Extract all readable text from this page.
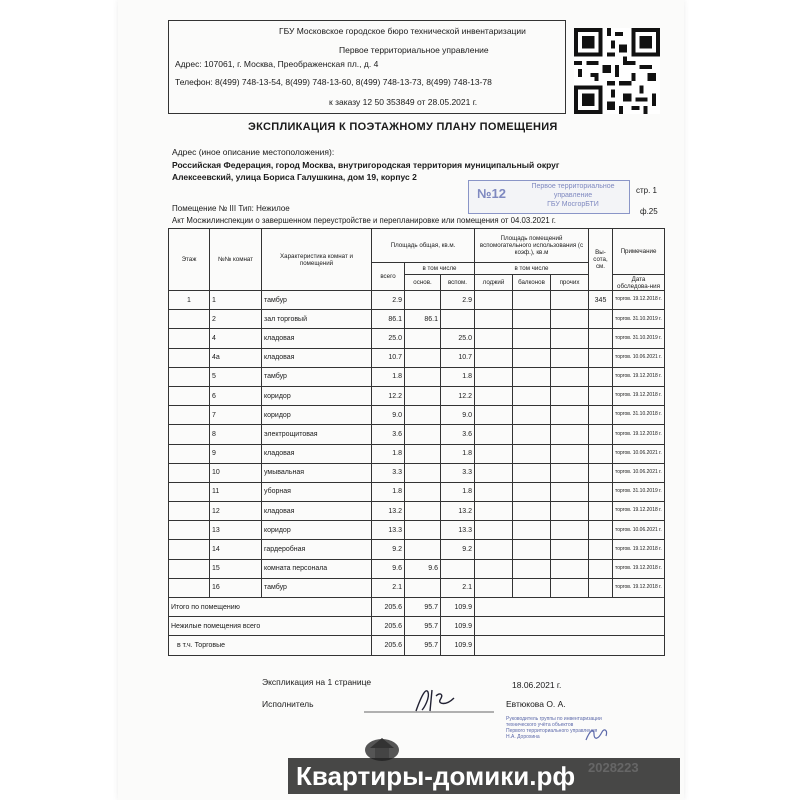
ГБУ Московское городское бюро технической инвентаризации
Первое территориальное управление
Адрес: 107061, г. Москва, Преображенская пл., д. 4
Телефон: 8(499) 748-13-54, 8(499) 748-13-60, 8(499) 748-13-73, 8(499) 748-13-78
к заказу 12 50 353849 от 28.05.2021 г.
ЭКСПЛИКАЦИЯ К ПОЭТАЖНОМУ ПЛАНУ ПОМЕЩЕНИЯ
Адрес (иное описание местоположения):
Российская Федерация, город Москва, внутригородская территория муниципальный округ
Алексеевский, улица Бориса Галушкина, дом 19, корпус 2
№12	Первое территориальное
управление
ГБУ МосгорБТИ
стр. 1
Помещение № III Тип: Нежилое	ф.25
Акт Мосжилинспекции о завершенном переустройстве и перепланировке или помещения от 04.03.2021 г.
Этаж	№№ комнат	Характеристика комнат и помещений	Площадь общая, кв.м.			Площадь помещений вспомогательного использования (с коэф.), кв.м			Вы-сота, см.	Примечание
			всего	в том числе		в том числе				
				основ.	вспом.	лоджий	балконов	прочих		Дата обследова-ния
1	1	тамбур	2.9		2.9				345	торгов. 19.12.2018 г.
	2	зал торговый	86.1	86.1						торгов. 31.10.2019 г.
	4	кладовая	25.0		25.0					торгов. 31.10.2019 г.
	4а	кладовая	10.7		10.7					торгов. 10.06.2021 г.
	5	тамбур	1.8		1.8					торгов. 19.12.2018 г.
	6	коридор	12.2		12.2					торгов. 19.12.2018 г.
	7	коридор	9.0		9.0					торгов. 31.10.2018 г.
	8	электрощитовая	3.6		3.6					торгов. 19.12.2018 г.
	9	кладовая	1.8		1.8					торгов. 10.06.2021 г.
	10	умывальная	3.3		3.3					торгов. 10.06.2021 г.
	11	уборная	1.8		1.8					торгов. 31.10.2019 г.
	12	кладовая	13.2		13.2					торгов. 19.12.2018 г.
	13	коридор	13.3		13.3					торгов. 10.06.2021 г.
	14	гардеробная	9.2		9.2					торгов. 19.12.2018 г.
	15	комната персонала	9.6	9.6						торгов. 19.12.2018 г.
	16	тамбур	2.1		2.1					торгов. 19.12.2018 г.
Итого по помещению			205.6	95.7	109.9					
Нежилые помещения всего			205.6	95.7	109.9					
в т.ч. Торговые			205.6	95.7	109.9					
Экспликация на 1 странице	18.06.2021 г.
Исполнитель	Евтюкова О. А.
Руководитель группы по инвентаризации
технического учёта объектов
Первого территориального управления
Н.А. Дорохина
Квартиры-домики.рф 2028223
